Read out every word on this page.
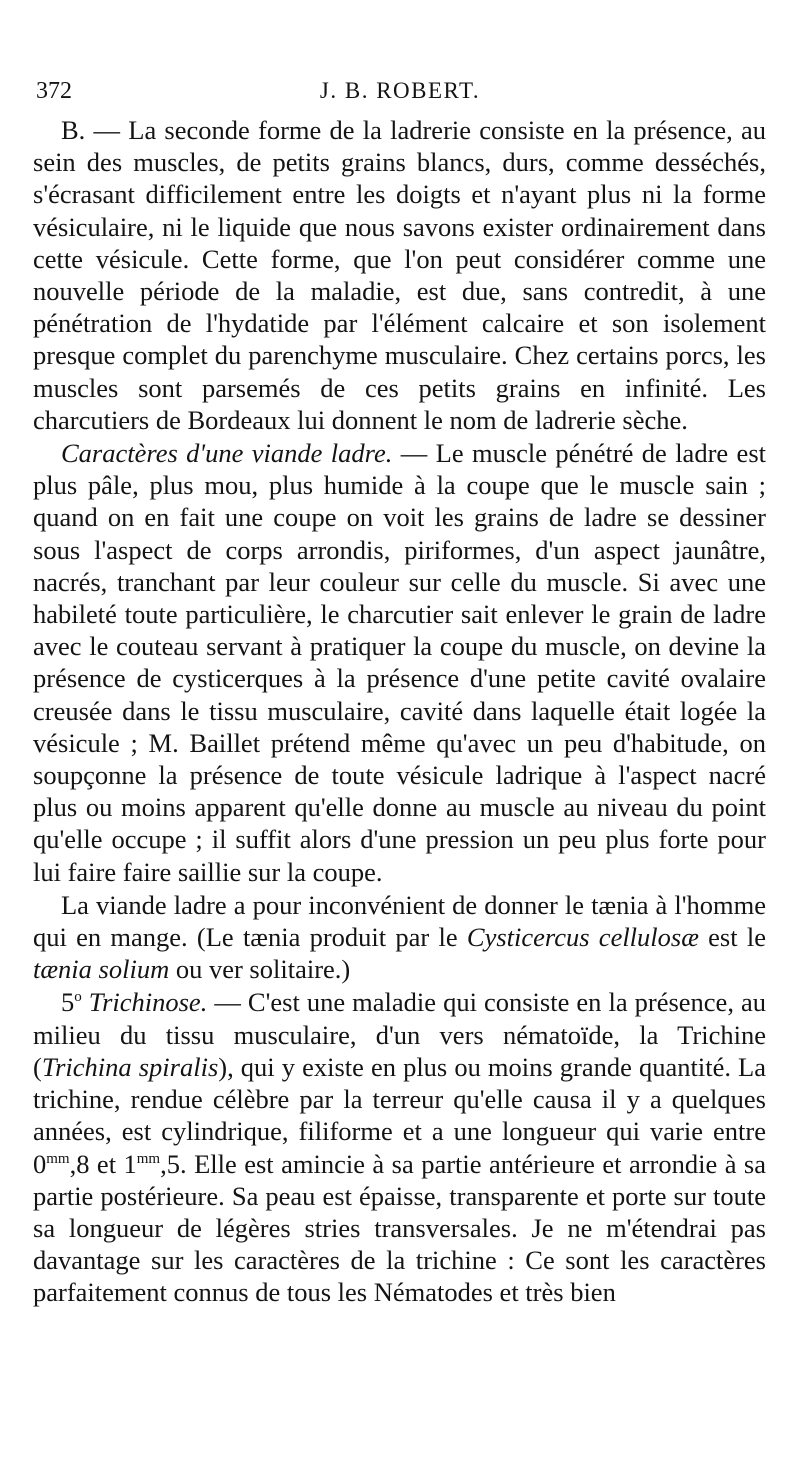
372	J. B. ROBERT.

B. — La seconde forme de la ladrerie consiste en la présence, au sein des muscles, de petits grains blancs, durs, comme desséchés, s'écrasant difficilement entre les doigts et n'ayant plus ni la forme vésiculaire, ni le liquide que nous savons exister ordinairement dans cette vésicule. Cette forme, que l'on peut considérer comme une nouvelle période de la maladie, est due, sans contredit, à une pénétration de l'hydatide par l'élément calcaire et son isolement presque complet du parenchyme musculaire. Chez certains porcs, les muscles sont parsemés de ces petits grains en infinité. Les charcutiers de Bordeaux lui donnent le nom de ladrerie sèche.

Caractères d'une viande ladre. — Le muscle pénétré de ladre est plus pâle, plus mou, plus humide à la coupe que le muscle sain ; quand on en fait une coupe on voit les grains de ladre se dessiner sous l'aspect de corps arrondis, piriformes, d'un aspect jaunâtre, nacrés, tranchant par leur couleur sur celle du muscle. Si avec une habileté toute particulière, le charcutier sait enlever le grain de ladre avec le couteau servant à pratiquer la coupe du muscle, on devine la présence de cysticerques à la présence d'une petite cavité ovalaire creusée dans le tissu musculaire, cavité dans laquelle était logée la vésicule ; M. Baillet prétend même qu'avec un peu d'habitude, on soupçonne la présence de toute vésicule ladrique à l'aspect nacré plus ou moins apparent qu'elle donne au muscle au niveau du point qu'elle occupe ; il suffit alors d'une pression un peu plus forte pour lui faire faire saillie sur la coupe.

La viande ladre a pour inconvénient de donner le tænia à l'homme qui en mange. (Le tænia produit par le Cysticercus cellulosæ est le tænia solium ou ver solitaire.)

5$^o$ Trichinose. — C'est une maladie qui consiste en la présence, au milieu du tissu musculaire, d'un vers nématoïde, la Trichine (Trichina spiralis), qui y existe en plus ou moins grande quantité. La trichine, rendue célèbre par la terreur qu'elle causa il y a quelques années, est cylindrique, filiforme et a une longueur qui varie entre $0^{mm},8$ et $1^{mm},5$. Elle est amincie à sa partie antérieure et arrondie à sa partie postérieure. Sa peau est épaisse, transparente et porte sur toute sa longueur de légères stries transversales. Je ne m'étendrai pas davantage sur les caractères de la trichine : Ce sont les caractères parfaitement connus de tous les Nématodes et très bien
